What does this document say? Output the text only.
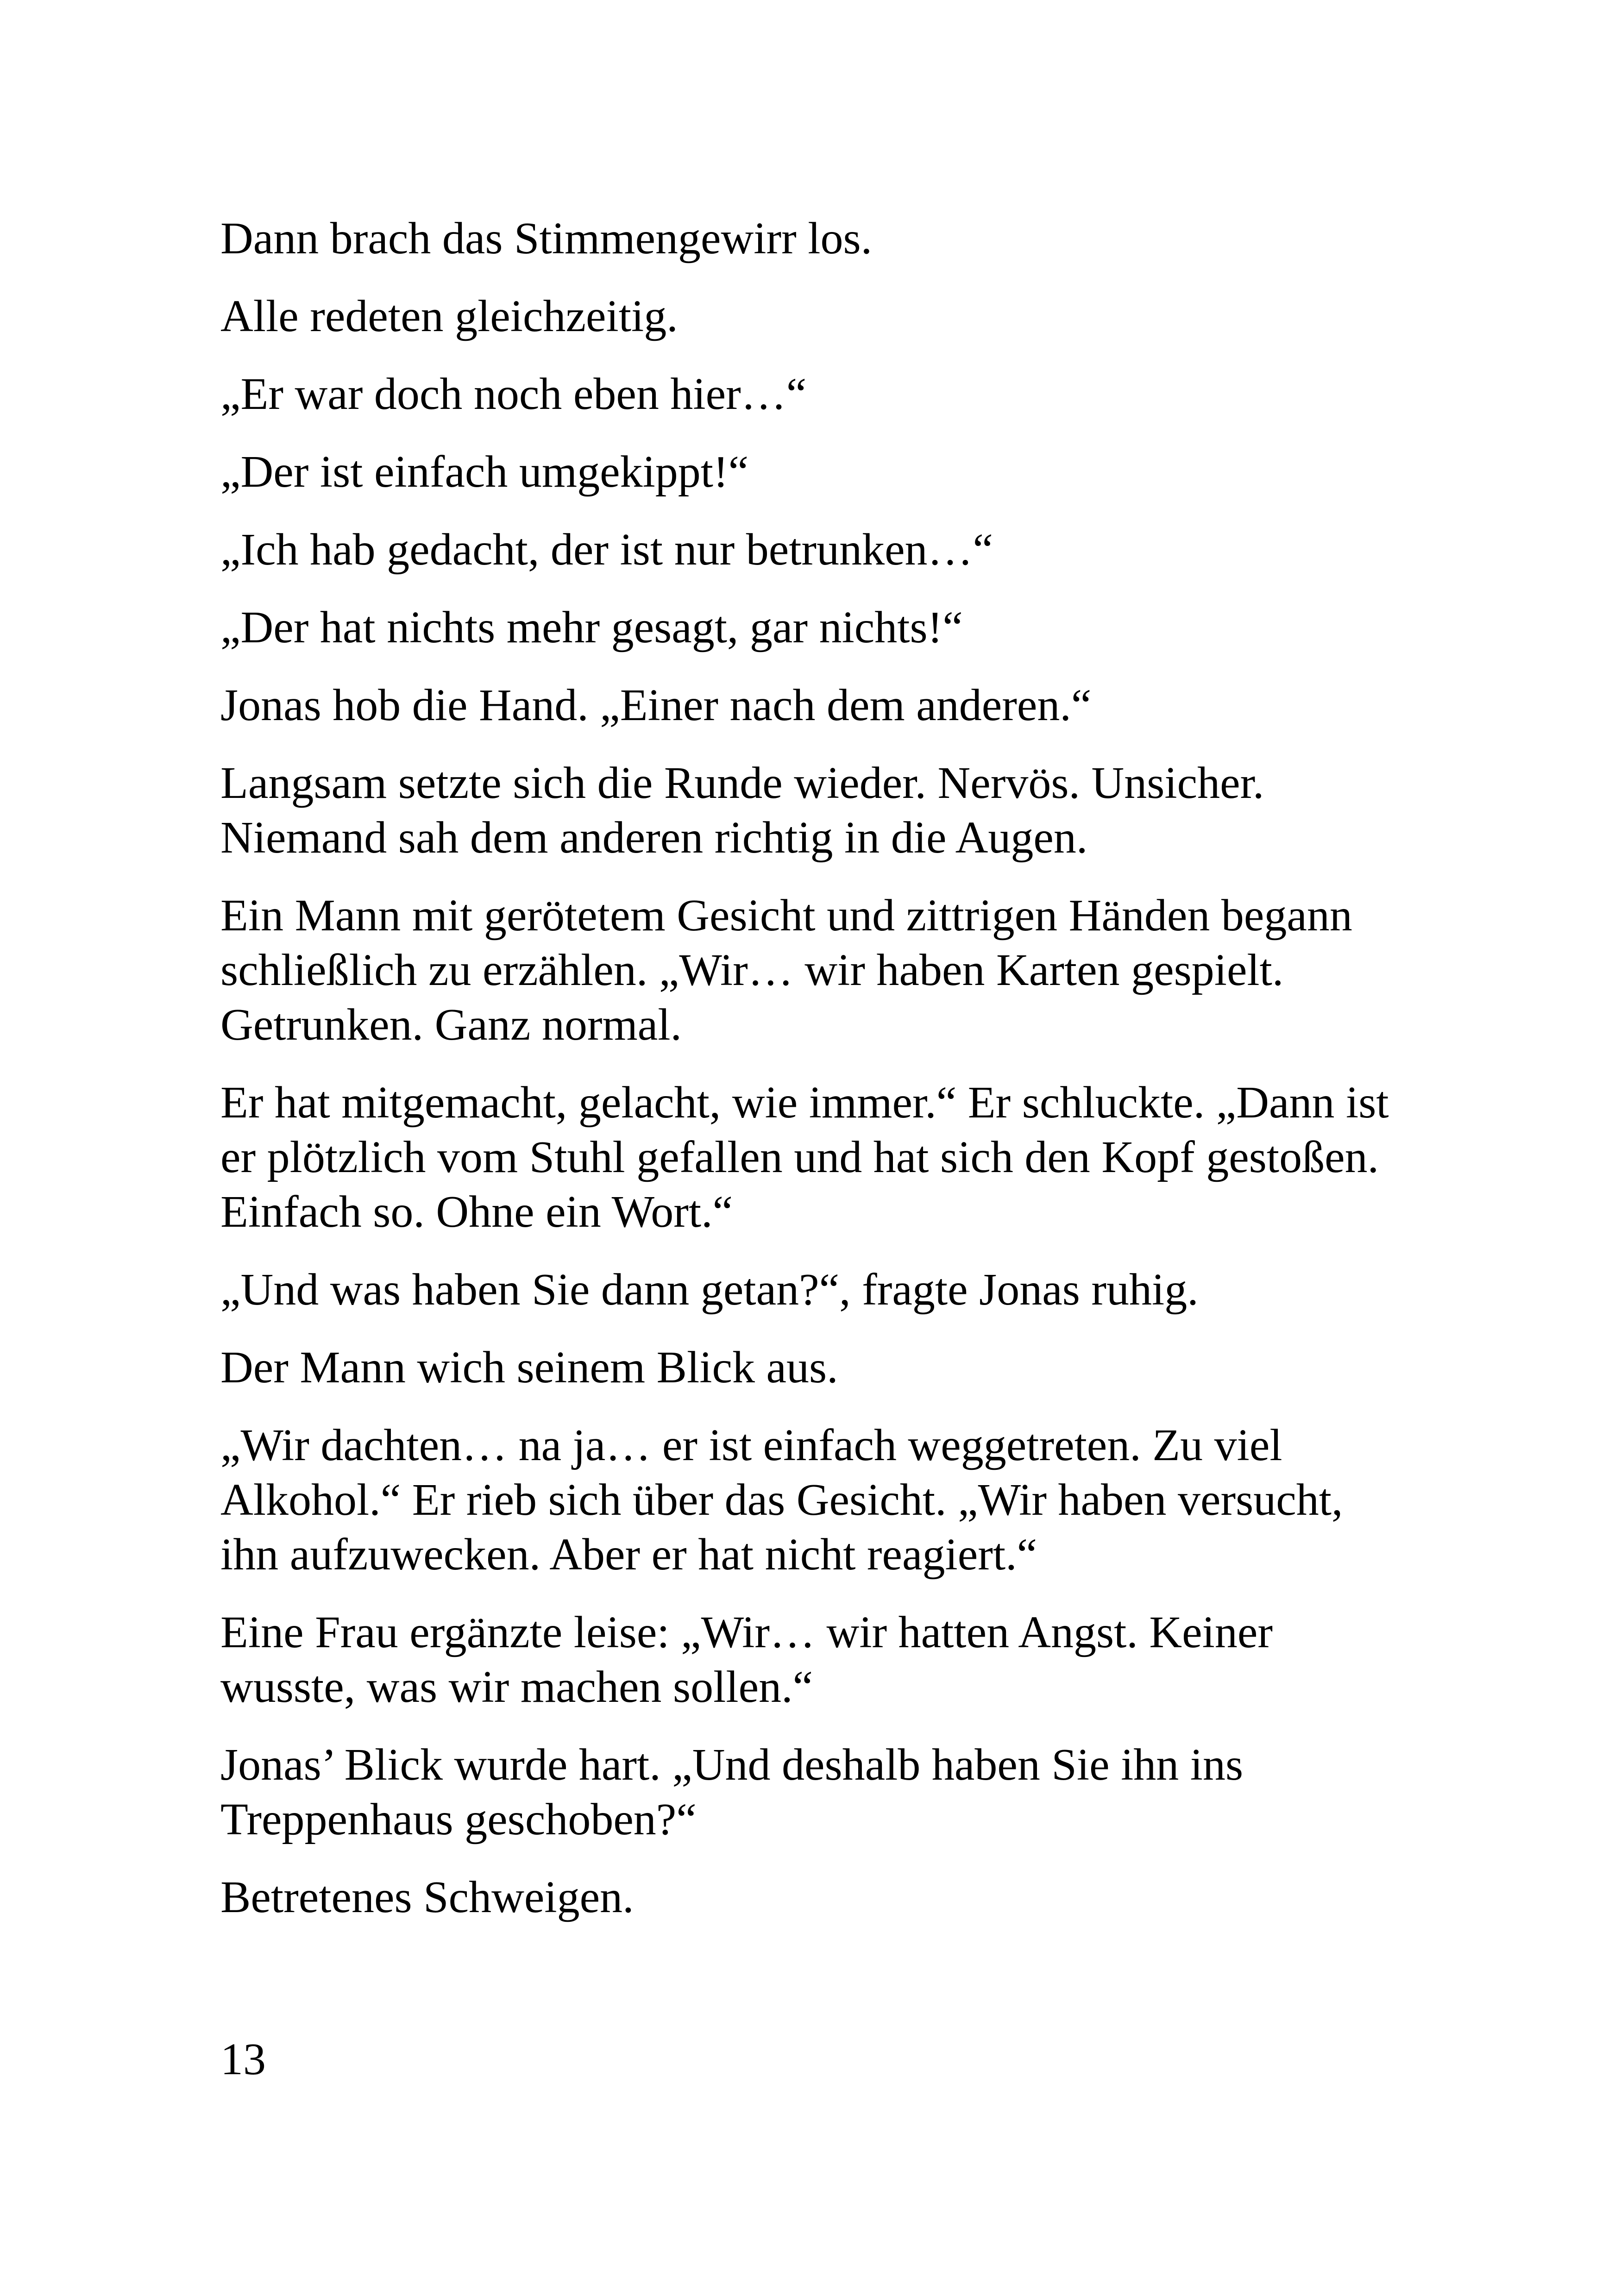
Dann brach das Stimmengewirr los.

Alle redeten gleichzeitig.

„Er war doch noch eben hier…“

„Der ist einfach umgekippt!“

„Ich hab gedacht, der ist nur betrunken…“

„Der hat nichts mehr gesagt, gar nichts!“

Jonas hob die Hand. „Einer nach dem anderen.“

Langsam setzte sich die Runde wieder. Nervös. Unsicher. Niemand sah dem anderen richtig in die Augen.

Ein Mann mit gerötetem Gesicht und zittrigen Händen begann schließlich zu erzählen. „Wir… wir haben Karten gespielt. Getrunken. Ganz normal.

Er hat mitgemacht, gelacht, wie immer.“ Er schluckte. „Dann ist er plötzlich vom Stuhl gefallen und hat sich den Kopf gestoßen. Einfach so. Ohne ein Wort.“

„Und was haben Sie dann getan?“, fragte Jonas ruhig.

Der Mann wich seinem Blick aus.

„Wir dachten… na ja… er ist einfach weggetreten. Zu viel Alkohol.“ Er rieb sich über das Gesicht. „Wir haben versucht, ihn aufzuwecken. Aber er hat nicht reagiert.“

Eine Frau ergänzte leise: „Wir… wir hatten Angst. Keiner wusste, was wir machen sollen.“

Jonas’ Blick wurde hart. „Und deshalb haben Sie ihn ins Treppenhaus geschoben?“

Betretenes Schweigen.

13
